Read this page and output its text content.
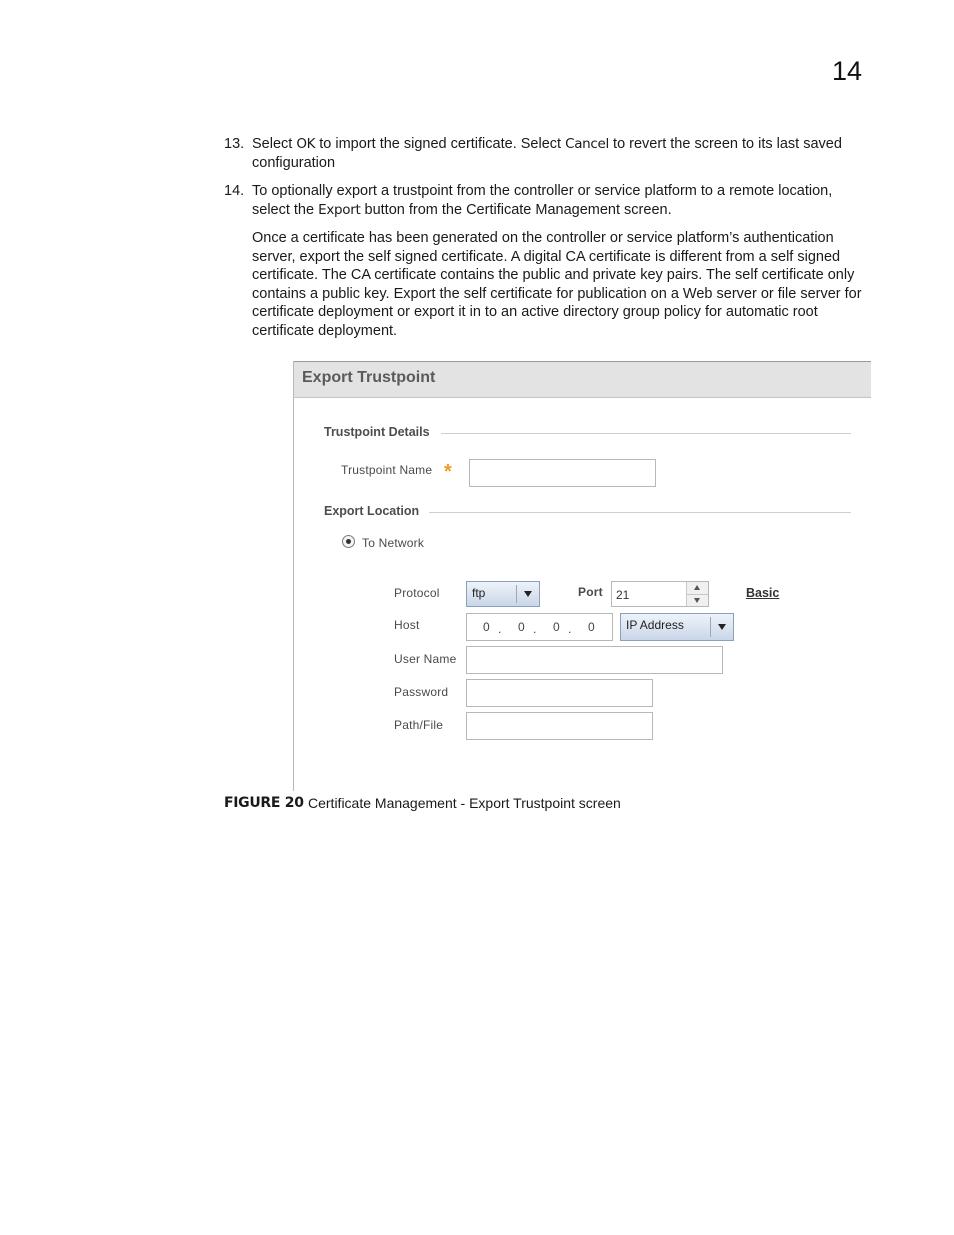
14
13. Select OK to import the signed certificate. Select Cancel to revert the screen to its last saved configuration
14. To optionally export a trustpoint from the controller or service platform to a remote location, select the Export button from the Certificate Management screen.
Once a certificate has been generated on the controller or service platform’s authentication server, export the self signed certificate. A digital CA certificate is different from a self signed certificate. The CA certificate contains the public and private key pairs. The self certificate only contains a public key. Export the self certificate for publication on a Web server or file server for certificate deployment or export it in to an active directory group policy for automatic root certificate deployment.
Export Trustpoint
Trustpoint Details
Trustpoint Name *
Export Location
To Network
Protocol	ftp	Port 21	Basic
Host	0 . 0 . 0 . 0	IP Address
User Name
Password
Path/File
FIGURE 20 Certificate Management - Export Trustpoint screen
